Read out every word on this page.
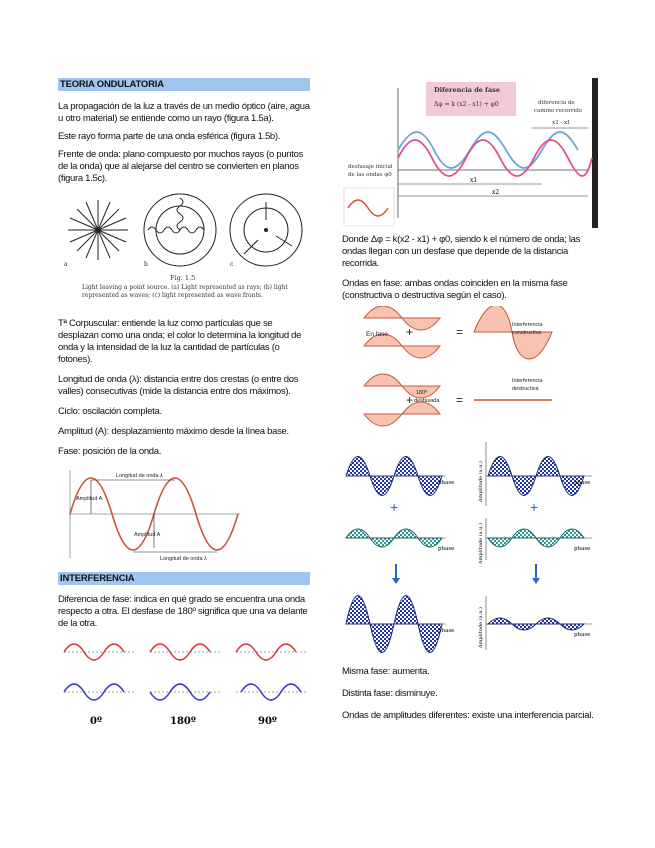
TEORIA ONDULATORIA

La propagación de la luz a través de un medio óptico (aire, agua u otro material) se entiende como un rayo (figura 1.5a).

Este rayo forma parte de una onda esférica (figura 1.5b).

Frente de onda: plano compuesto por muchos rayos (o puntos de la onda) que al alejarse del centro se convierten en planos (figura 1.5c).

a	b	c
Fig. 1.5
Light leaving a point source. (a) Light represented as rays; (b) light
represented as waves; (c) light represented as wave fronts.

Tª Corpuscular: entiende la luz como partículas que se desplazan como una onda; el color lo determina la longitud de onda y la intensidad de la luz la cantidad de partículas (o fotones).

Longitud de onda (λ): distancia entre dos crestas (o entre dos valles) consecutivas (mide la distancia entre dos máximos).

Ciclo: oscilación completa.

Amplitud (A): desplazamiento máximo desde la línea base.

Fase: posición de la onda.

Longitud de onda λ
Amplitud A
Amplitud A
Longitud de onda λ
INTERFERENCIA

Diferencia de fase: indica en qué grado se encuentra una onda respecto a otra. El desfase de 180º significa que una va delante de la otra.

0º	180º	90º
Diferencia de fase
Δφ = k (x2 - x1) + φ0	diferencia de
camino recorrido
x2 - x1
desfasaje inicial
de las ondas φ0
x1
x2

Donde Δφ = k(x2 - x1) + φ0, siendo k el número de onda; las ondas llegan con un desfase que depende de la distancia recorrida.

Ondas en fase: ambas ondas coinciden en la misma fase (constructiva o destructiva según el caso).

En fase +	=	Interferencia
constructiva
+ 180º
desfasada =
Interferencia
destructiva
phase
+
phase
phase
Amplitude (a.u.)	phase
+
Amplitude (a.u.)	phase
Amplitude (a.u.)	phase

Misma fase: aumenta.

Distinta fase: disminuye.

Ondas de amplitudes diferentes: existe una interferencia parcial.
